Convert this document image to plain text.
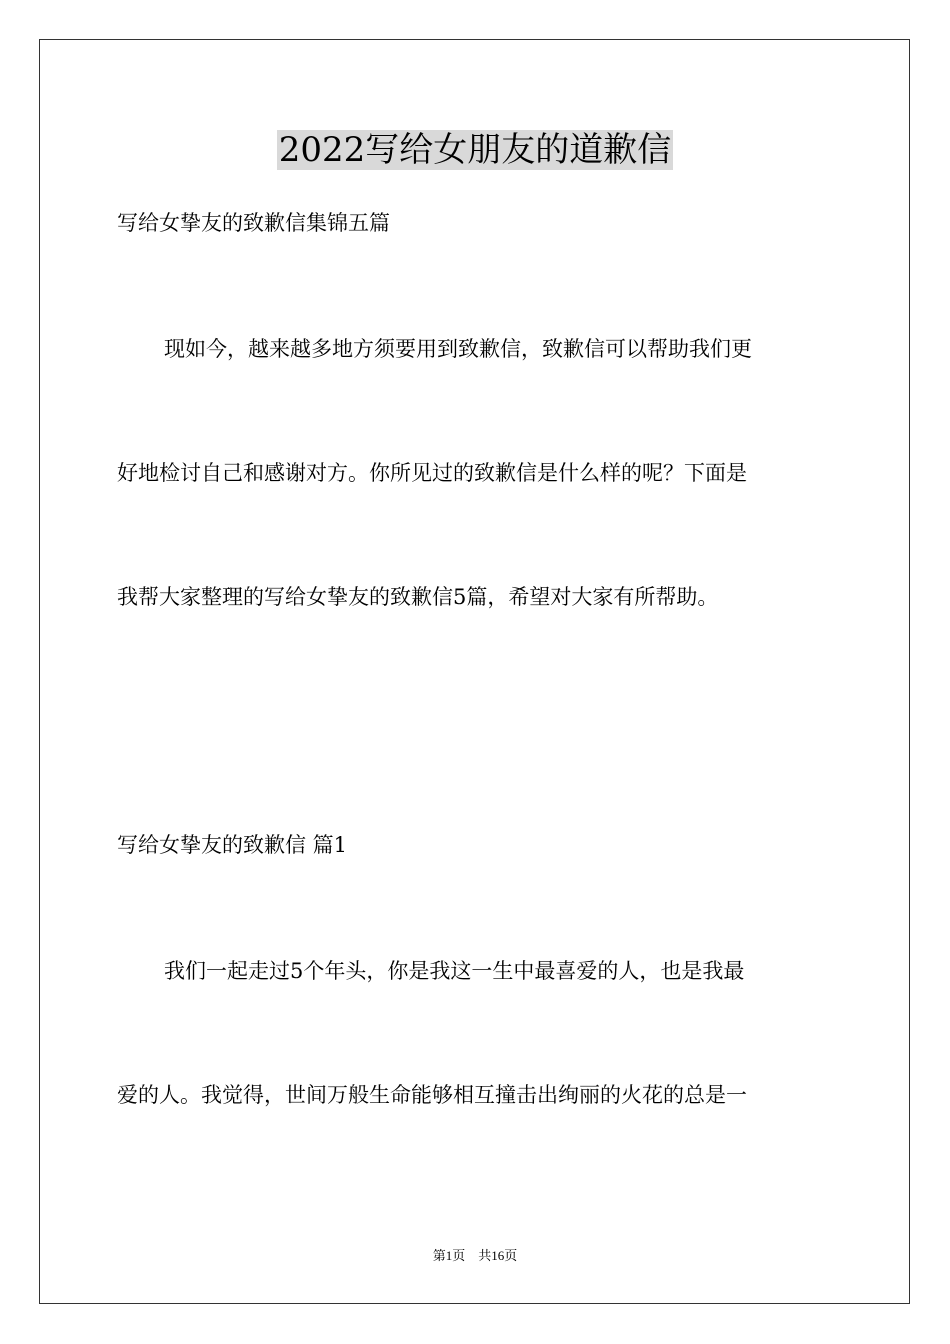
2022写给女朋友的道歉信
写给女挚友的致歉信集锦五篇
现如今，越来越多地方须要用到致歉信，致歉信可以帮助我们更
好地检讨自己和感谢对方。你所见过的致歉信是什么样的呢？下面是
我帮大家整理的写给女挚友的致歉信5篇，希望对大家有所帮助。
写给女挚友的致歉信 篇1
我们一起走过5个年头，你是我这一生中最喜爱的人，也是我最
爱的人。我觉得，世间万般生命能够相互撞击出绚丽的火花的总是一
第1页　共16页
